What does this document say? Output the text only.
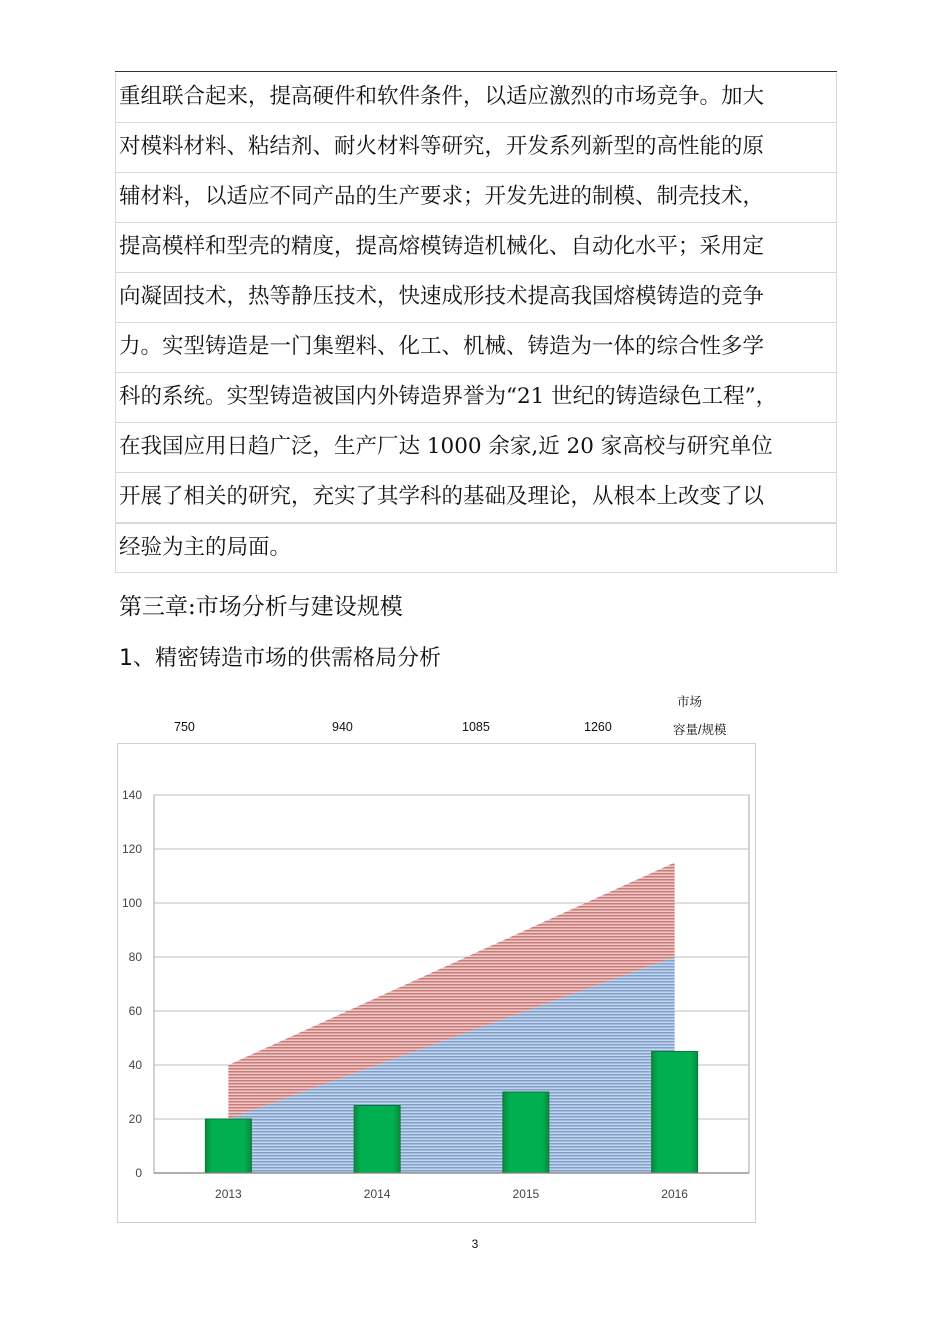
重组联合起来，提高硬件和软件条件，以适应激烈的市场竞争。加大
对模料材料、粘结剂、耐火材料等研究，开发系列新型的高性能的原
辅材料，以适应不同产品的生产要求；开发先进的制模、制壳技术，
提高模样和型壳的精度，提高熔模铸造机械化、自动化水平；采用定
向凝固技术，热等静压技术，快速成形技术提高我国熔模铸造的竞争
力。实型铸造是一门集塑料、化工、机械、铸造为一体的综合性多学
科的系统。实型铸造被国内外铸造界誉为“21 世纪的铸造绿色工程”，
在我国应用日趋广泛，生产厂达 1000 余家,近 20 家高校与研究单位
开展了相关的研究，充实了其学科的基础及理论，从根本上改变了以
经验为主的局面。
第三章:市场分析与建设规模
1、精密铸造市场的供需格局分析
750	940	1085	1260
市场
容量/规模
0
20
40
60
80
100
120
140
2013	2014	2015	2016
3
